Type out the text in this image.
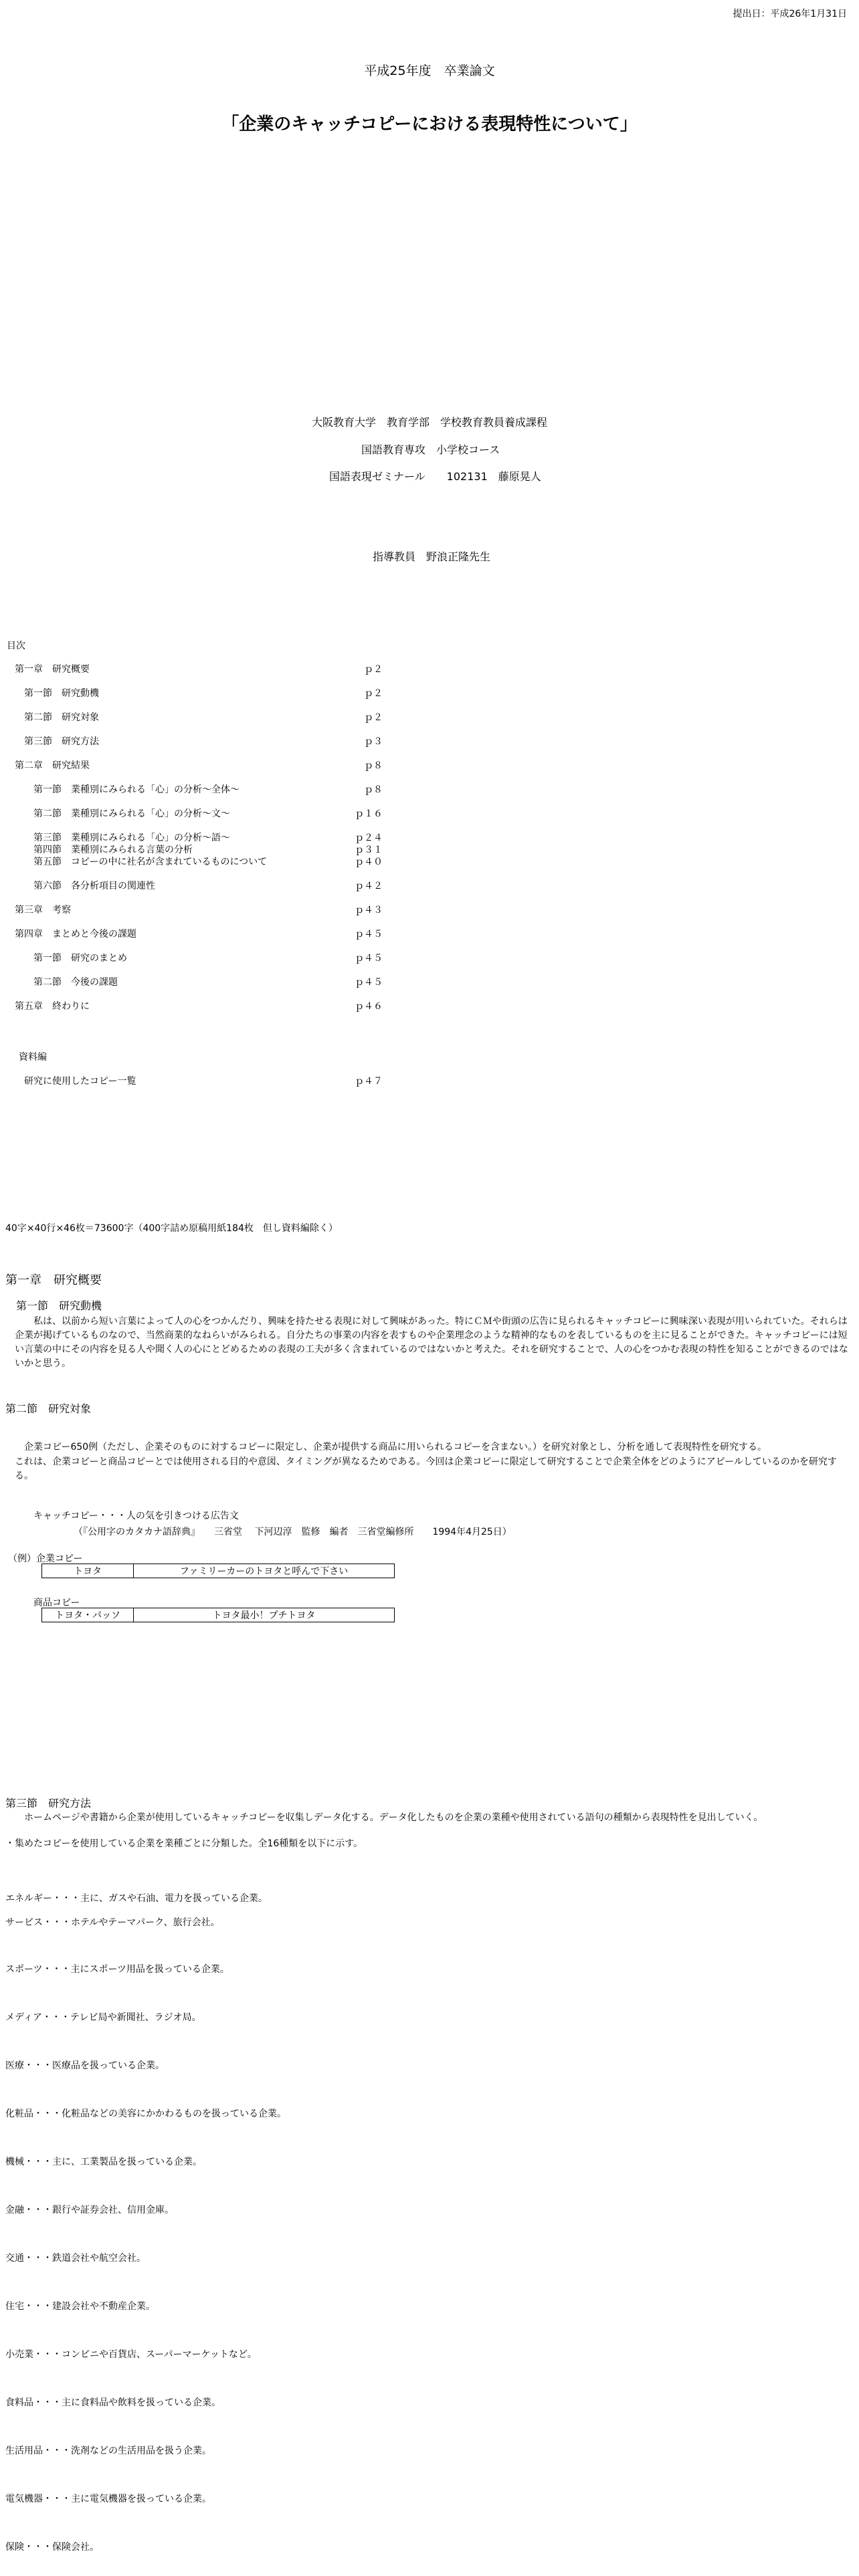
提出日：平成26年1月31日
平成25年度　卒業論文
「企業のキャッチコピーにおける表現特性について」
大阪教育大学　教育学部　学校教育教員養成課程
国語教育専攻　小学校コース
国語表現ゼミナール　　102131　藤原晃人
指導教員　野浪正隆先生
目次
第一章　研究概要	ｐ２
第一節　研究動機	ｐ２
第二節　研究対象	ｐ２
第三節　研究方法	ｐ３
第二章　研究結果	ｐ８
第一節　業種別にみられる「心」の分析～全体～	ｐ８
第二節　業種別にみられる「心」の分析～文～	ｐ１６
第三節　業種別にみられる「心」の分析～語～	ｐ２４
第四節　業種別にみられる言葉の分析	ｐ３１
第五節　コピーの中に社名が含まれているものについて	ｐ４０
第六節　各分析項目の関連性	ｐ４２
第三章　考察	ｐ４３
第四章　まとめと今後の課題	ｐ４５
第一節　研究のまとめ	ｐ４５
第二節　今後の課題	ｐ４５
第五章　終わりに	ｐ４６
資料編
研究に使用したコピー一覧	ｐ４７
40字×40行×46枚＝73600字（400字詰め原稿用紙184枚　但し資料編除く）
第一章　研究概要
第一節　研究動機
私は、以前から短い言葉によって人の心をつかんだり、興味を持たせる表現に対して興味があった。特にＣＭや街頭の広告に見られるキャッチコピーに興味深い表現が用いられていた。それらは企業が掲げているものなので、当然商業的なねらいがみられる。自分たちの事業の内容を表すものや企業理念のような精神的なものを表しているものを主に見ることができた。キャッチコピーには短い言葉の中にその内容を見る人や聞く人の心にとどめるための表現の工夫が多く含まれているのではないかと考えた。それを研究することで、人の心をつかむ表現の特性を知ることができるのではないかと思う。
第二節　研究対象
企業コピー650例（ただし、企業そのものに対するコピーに限定し、企業が提供する商品に用いられるコピーを含まない。）を研究対象とし、分析を通して表現特性を研究する。
これは、企業コピーと商品コピーとでは使用される目的や意図、タイミングが異なるためである。今回は企業コピーに限定して研究することで企業全体をどのようにアピールしているのかを研究する。
キャッチコピー・・・人の気を引きつける広告文
（『公用字のカタカナ語辞典』　　三省堂　 下河辺淳　監修　編者　三省堂編修所　　1994年4月25日）
（例）企業コピー
トヨタ	ファミリーカーのトヨタと呼んで下さい
商品コピー
トヨタ・パッソ	トヨタ最小！プチトヨタ
第三節　研究方法
ホームページや書籍から企業が使用しているキャッチコピーを収集しデータ化する。データ化したものを企業の業種や使用されている語句の種類から表現特性を見出していく。
・集めたコピーを使用している企業を業種ごとに分類した。全16種類を以下に示す。
エネルギー・・・主に、ガスや石油、電力を扱っている企業。
サービス・・・ホテルやテーマパーク、旅行会社。
スポーツ・・・主にスポーツ用品を扱っている企業。
メディア・・・テレビ局や新聞社、ラジオ局。
医療・・・医療品を扱っている企業。
化粧品・・・化粧品などの美容にかかわるものを扱っている企業。
機械・・・主に、工業製品を扱っている企業。
金融・・・銀行や証券会社、信用金庫。
交通・・・鉄道会社や航空会社。
住宅・・・建設会社や不動産企業。
小売業・・・コンビニや百貨店、スーパーマーケットなど。
食料品・・・主に食料品や飲料を扱っている企業。
生活用品・・・洗剤などの生活用品を扱う企業。
電気機器・・・主に電気機器を扱っている企業。
保険・・・保険会社。
